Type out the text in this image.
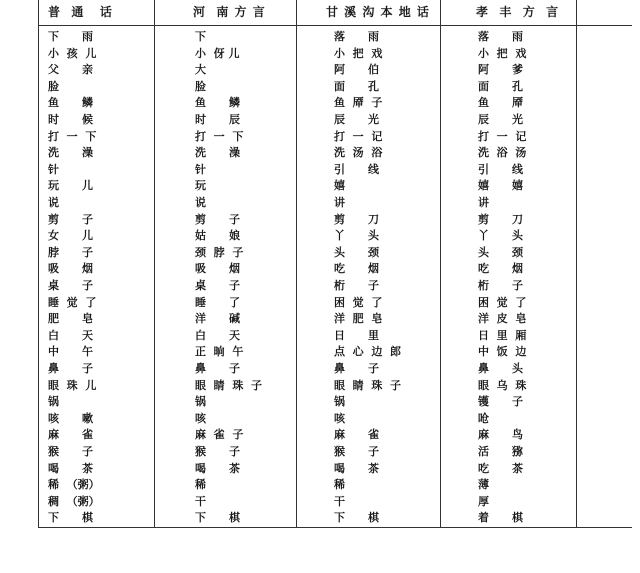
普  通   话	河  南 方 言	甘 溪 沟 本 地 话	孝  丰  方  言
下      雨	下	落      雨	落      雨
小  孩  儿	小  伢 儿	小  把  戏	小  把  戏
父      亲	大	阿      伯	阿      爹
脸	脸	面      孔	面      孔
鱼      鳞	鱼      鳞	鱼  厣  子	鱼      厣
时      候	时      辰	辰      光	辰      光
打  一  下	打  一  下	打  一  记	打  一  记
洗      澡	洗      澡	洗  汤  浴	洗  浴  汤
针	针	引      线	引      线
玩      儿	玩	嬉	嬉      嬉
说	说	讲	讲
剪      子	剪      子	剪      刀	剪      刀
女      儿	姑      娘	丫      头	丫      头
脖      子	颈  脖  子	头      颈	头      颈
吸      烟	吸      烟	吃      烟	吃      烟
桌      子	桌      子	桁      子	桁      子
睡  觉  了	睡      了	困  觉  了	困  觉  了
肥      皂	洋      碱	洋  肥  皂	洋  皮  皂
白      天	白      天	日      里	日  里  厢
中      午	正  晌  午	点  心  边  郎	中  饭  边
鼻      子	鼻      子	鼻      子	鼻      头
眼  珠  儿	眼  睛  珠  子	眼  睛  珠  子	眼  乌  珠
锅	锅	锅	镬      子
咳      嗽	咳	咳	呛
麻      雀	麻  雀  子	麻      雀	麻      鸟
猴      子	猴      子	猴      子	活      猕
喝      茶	喝      茶	喝      茶	吃      茶
稀  （粥）	稀	稀	薄
稠  （粥）	干	干	厚
下      棋	下      棋	下      棋	着      棋
